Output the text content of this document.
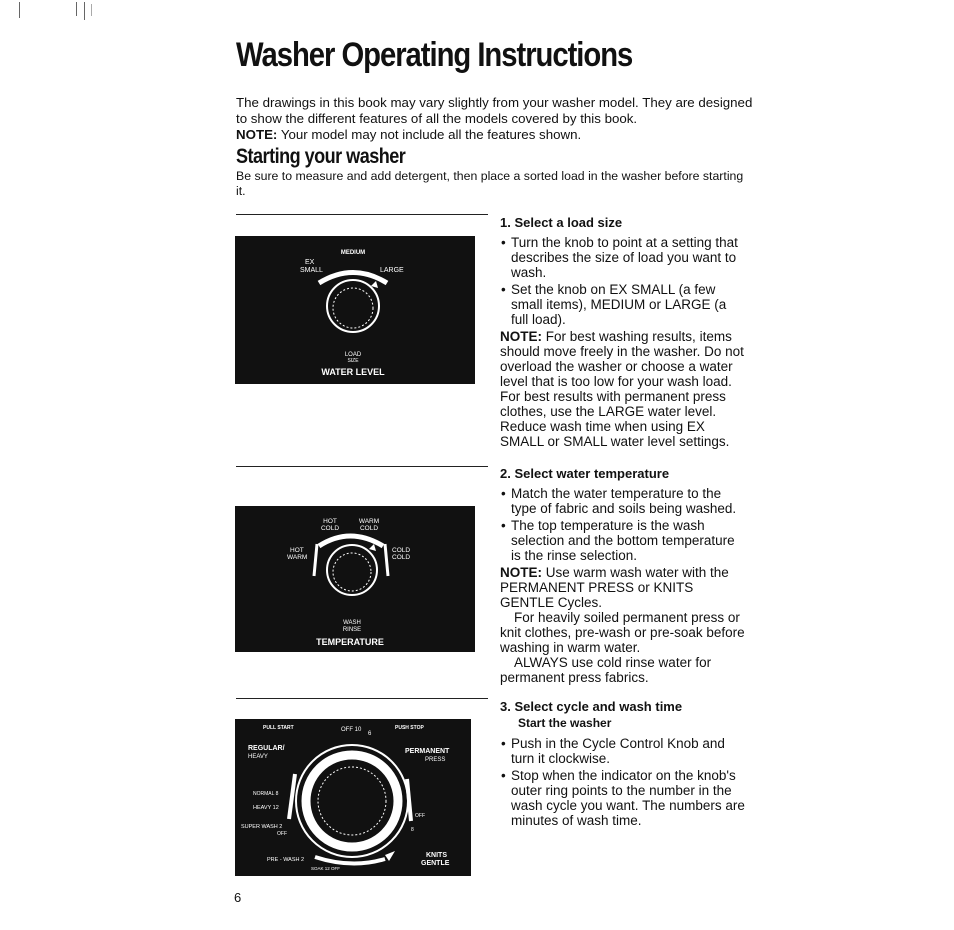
Washer Operating Instructions

The drawings in this book may vary slightly from your washer model. They are designed to show the different features of all the models covered by this book.

NOTE: Your model may not include all the features shown.

Starting your washer
Be sure to measure and add detergent, then place a sorted load in the washer before starting it.
MEDIUM
EX
SMALL	LARGE
LOAD
SIZE
WATER LEVEL
HOT
COLD
WARM
COLD
HOT
WARM
COLD
COLD
WASH
RINSE
TEMPERATURE
PULL START	OFF 10
6
PUSH STOP
REGULAR/
HEAVY
PERMANENT
PRESS
NORMAL 8
HEAVY 12
SUPER WASH 2
OFF
OFF
8
PRE - WASH 2
SOAK 12 OFF
KNITS
GENTLE
1. Select a load size
• Turn the knob to point at a setting that describes the size of load you want to wash.
• Set the knob on EX SMALL (a few small items), MEDIUM or LARGE (a full load).

NOTE: For best washing results, items should move freely in the washer. Do not overload the washer or choose a water level that is too low for your wash load. For best results with permanent press clothes, use the LARGE water level. Reduce wash time when using EX SMALL or SMALL water level settings.

2. Select water temperature
• Match the water temperature to the type of fabric and soils being washed.
• The top temperature is the wash selection and the bottom temperature is the rinse selection.

NOTE: Use warm wash water with the PERMANENT PRESS or KNITS GENTLE Cycles.

For heavily soiled permanent press or knit clothes, pre-wash or pre-soak before washing in warm water.

ALWAYS use cold rinse water for permanent press fabrics.

3. Select cycle and wash time
Start the washer
• Push in the Cycle Control Knob and turn it clockwise.
• Stop when the indicator on the knob's outer ring points to the number in the wash cycle you want. The numbers are minutes of wash time.
6
